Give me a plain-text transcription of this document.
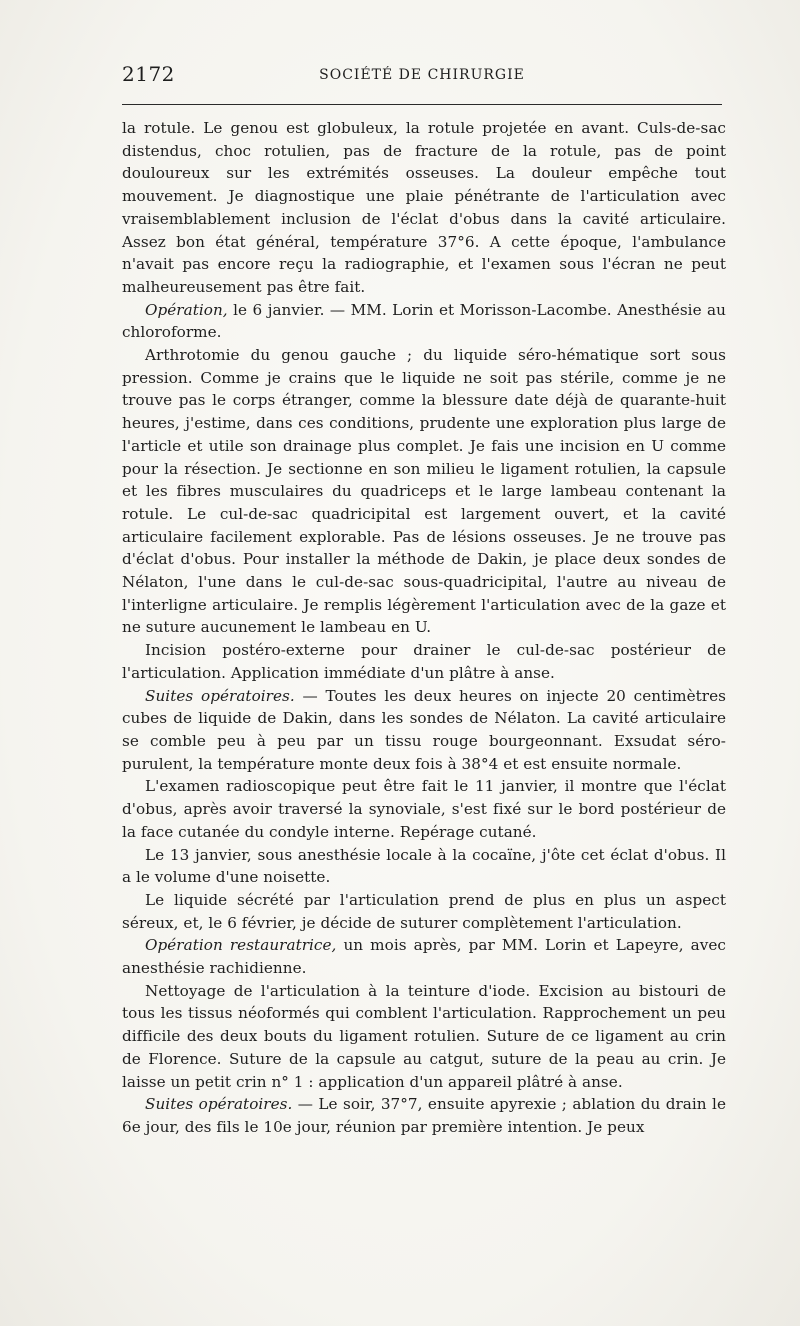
2172	SOCIÉTÉ DE CHIRURGIE

la rotule. Le genou est globuleux, la rotule projetée en avant. Culs-de-sac distendus, choc rotulien, pas de fracture de la rotule, pas de point douloureux sur les extrémités osseuses. La douleur empêche tout mouvement. Je diagnostique une plaie pénétrante de l'articulation avec vraisemblablement inclusion de l'éclat d'obus dans la cavité articulaire. Assez bon état général, température 37°6. A cette époque, l'ambulance n'avait pas encore reçu la radiographie, et l'examen sous l'écran ne peut malheureusement pas être fait.

Opération, le 6 janvier. — MM. Lorin et Morisson-Lacombe. Anesthésie au chloroforme.

Arthrotomie du genou gauche ; du liquide séro-hématique sort sous pression. Comme je crains que le liquide ne soit pas stérile, comme je ne trouve pas le corps étranger, comme la blessure date déjà de quarante-huit heures, j'estime, dans ces conditions, prudente une exploration plus large de l'article et utile son drainage plus complet. Je fais une incision en U comme pour la résection. Je sectionne en son milieu le ligament rotulien, la capsule et les fibres musculaires du quadriceps et le large lambeau contenant la rotule. Le cul-de-sac quadricipital est largement ouvert, et la cavité articulaire facilement explorable. Pas de lésions osseuses. Je ne trouve pas d'éclat d'obus. Pour installer la méthode de Dakin, je place deux sondes de Nélaton, l'une dans le cul-de-sac sous-quadricipital, l'autre au niveau de l'interligne articulaire. Je remplis légèrement l'articulation avec de la gaze et ne suture aucunement le lambeau en U.

Incision postéro-externe pour drainer le cul-de-sac postérieur de l'articulation. Application immédiate d'un plâtre à anse.

Suites opératoires. — Toutes les deux heures on injecte 20 centimètres cubes de liquide de Dakin, dans les sondes de Nélaton. La cavité articulaire se comble peu à peu par un tissu rouge bourgeonnant. Exsudat séro-purulent, la température monte deux fois à 38°4 et est ensuite normale.

L'examen radioscopique peut être fait le 11 janvier, il montre que l'éclat d'obus, après avoir traversé la synoviale, s'est fixé sur le bord postérieur de la face cutanée du condyle interne. Repérage cutané.

Le 13 janvier, sous anesthésie locale à la cocaïne, j'ôte cet éclat d'obus. Il a le volume d'une noisette.

Le liquide sécrété par l'articulation prend de plus en plus un aspect séreux, et, le 6 février, je décide de suturer complètement l'articulation.

Opération restauratrice, un mois après, par MM. Lorin et Lapeyre, avec anesthésie rachidienne.

Nettoyage de l'articulation à la teinture d'iode. Excision au bistouri de tous les tissus néoformés qui comblent l'articulation. Rapprochement un peu difficile des deux bouts du ligament rotulien. Suture de ce ligament au crin de Florence. Suture de la capsule au catgut, suture de la peau au crin. Je laisse un petit crin n° 1 : application d'un appareil plâtré à anse.

Suites opératoires. — Le soir, 37°7, ensuite apyrexie ; ablation du drain le 6e jour, des fils le 10e jour, réunion par première intention. Je peux
